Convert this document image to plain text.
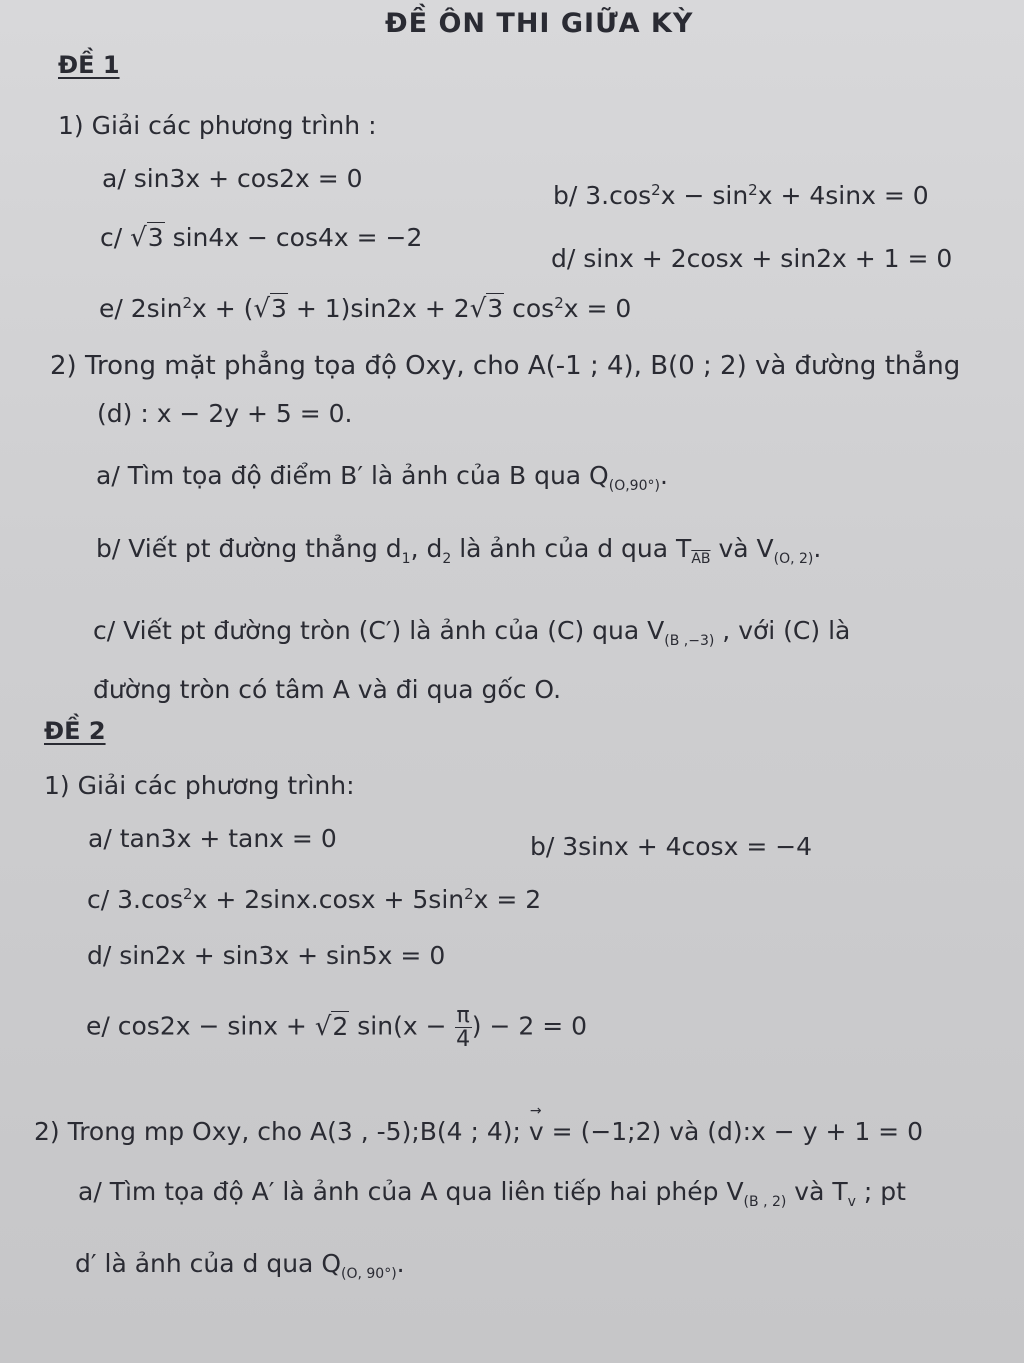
ĐỀ ÔN THI GIỮA KỲ
ĐỀ 1
1) Giải các phương trình :
a/ sin3x + cos2x = 0
b/ $3.\cos^2x - \sin^2x + 4\sin x = 0$
c/ √3 sin4x − cos4x = −2
d/ sinx + 2cosx + sin2x + 1 = 0
e/ $2\sin^2x + (√3 + 1)\sin 2x + 2√3$ $\cos^2x = 0$
2) Trong mặt phẳng tọa độ Oxy, cho A(-1 ; 4), B(0 ; 2) và đường thẳng
(d) : x − 2y + 5 = 0.
a/ Tìm tọa độ điểm B′ là ảnh của B qua $Q_{(O,90^\circ)}$.
b/ Viết pt đường thẳng $d_1$, $d_2$ là ảnh của d qua $T_{\overline{AB}}$ và $V_{(O, 2)}$.
c/ Viết pt đường tròn (C′) là ảnh của (C) qua $V_{(B ,-3)}$ , với (C) là
đường tròn có tâm A và đi qua gốc O.
ĐỀ 2
1) Giải các phương trình:
a/ tan3x + tanx = 0	b/ 3sinx + 4cosx = −4
c/ $3.\cos^2x + 2\sin x.\cos x + 5\sin^2x = 2$
d/ sin2x + sin3x + sin5x = 0
e/ cos2x − sinx + √2 $\sin(x - \frac{\pi}{4}$ ) − 2 = 0
2) Trong mp Oxy, cho A(3 , -5);B(4 ; 4); → v = (−1;2) và (d):x − y + 1 = 0
a/ Tìm tọa độ A′ là ảnh của A qua liên tiếp hai phép $V_{(B , 2)}$ và $T_v$ ; pt
d′ là ảnh của d qua $Q_{(O, 90^\circ)}$.
